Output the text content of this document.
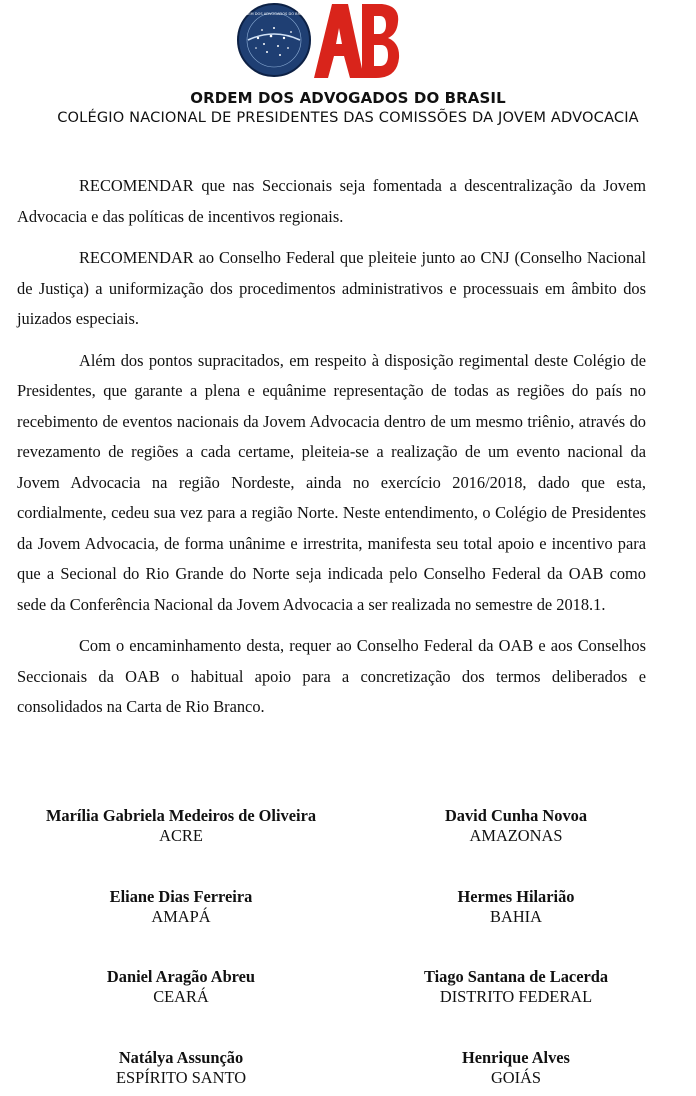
ORDEM DOS ADVOGADOS DO BRASIL
OAB
ORDEM DOS ADVOGADOS DO BRASIL
COLÉGIO NACIONAL DE PRESIDENTES DAS COMISSÕES DA JOVEM ADVOCACIA

RECOMENDAR que nas Seccionais seja fomentada a descentralização da Jovem Advocacia e das políticas de incentivos regionais.

RECOMENDAR ao Conselho Federal que pleiteie junto ao CNJ (Conselho Nacional de Justiça) a uniformização dos procedimentos administrativos e processuais em âmbito dos juizados especiais.

Além dos pontos supracitados, em respeito à disposição regimental deste Colégio de Presidentes, que garante a plena e equânime representação de todas as regiões do país no recebimento de eventos nacionais da Jovem Advocacia dentro de um mesmo triênio, através do revezamento de regiões a cada certame, pleiteia-se a realização de um evento nacional da Jovem Advocacia na região Nordeste, ainda no exercício 2016/2018, dado que esta, cordialmente, cedeu sua vez para a região Norte. Neste entendimento, o Colégio de Presidentes da Jovem Advocacia, de forma unânime e irrestrita, manifesta seu total apoio e incentivo para que a Secional do Rio Grande do Norte seja indicada pelo Conselho Federal da OAB como sede da Conferência Nacional da Jovem Advocacia a ser realizada no semestre de 2018.1.

Com o encaminhamento desta, requer ao Conselho Federal da OAB e aos Conselhos Seccionais da OAB o habitual apoio para a concretização dos termos deliberados e consolidados na Carta de Rio Branco.

Marília Gabriela Medeiros de Oliveira
ACRE
David Cunha Novoa
AMAZONAS
Eliane Dias Ferreira
AMAPÁ
Hermes Hilarião
BAHIA
Daniel Aragão Abreu
CEARÁ
Tiago Santana de Lacerda
DISTRITO FEDERAL
Natálya Assunção
ESPÍRITO SANTO
Henrique Alves
GOIÁS
